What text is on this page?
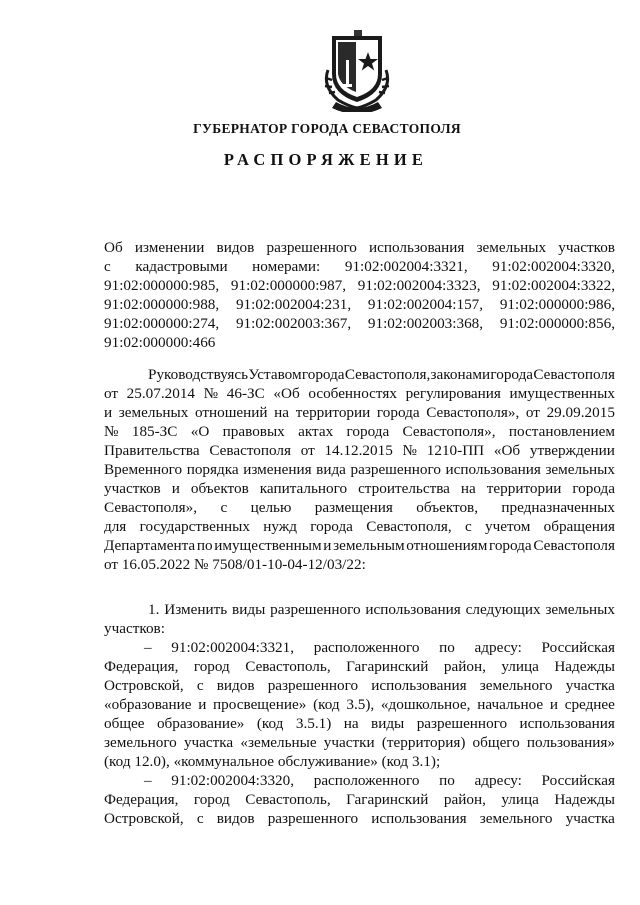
ГУБЕРНАТОР ГОРОДА СЕВАСТОПОЛЯ
РАСПОРЯЖЕНИЕ
Об изменении видов разрешенного использования земельных участков
с кадастровыми номерами: 91:02:002004:3321, 91:02:002004:3320,
91:02:000000:985, 91:02:000000:987, 91:02:002004:3323, 91:02:002004:3322,
91:02:000000:988, 91:02:002004:231, 91:02:002004:157, 91:02:000000:986,
91:02:000000:274, 91:02:002003:367, 91:02:002003:368, 91:02:000000:856,
91:02:000000:466
Руководствуясь Уставом города Севастополя, законами города Севастополя
от 25.07.2014 № 46-ЗС «Об особенностях регулирования имущественных
и земельных отношений на территории города Севастополя», от 29.09.2015
№ 185-ЗС «О правовых актах города Севастополя», постановлением
Правительства Севастополя от 14.12.2015 № 1210-ПП «Об утверждении
Временного порядка изменения вида разрешенного использования земельных
участков и объектов капитального строительства на территории города
Севастополя», с целью размещения объектов, предназначенных
для государственных нужд города Севастополя, с учетом обращения
Департамента по имущественным и земельным отношениям города Севастополя
от 16.05.2022 № 7508/01-10-04-12/03/22:
1. Изменить виды разрешенного использования следующих земельных
участков:
– 91:02:002004:3321, расположенного по адресу: Российская
Федерация, город Севастополь, Гагаринский район, улица Надежды
Островской, с видов разрешенного использования земельного участка
«образование и просвещение» (код 3.5), «дошкольное, начальное и среднее
общее образование» (код 3.5.1) на виды разрешенного использования
земельного участка «земельные участки (территория) общего пользования»
(код 12.0), «коммунальное обслуживание» (код 3.1);
– 91:02:002004:3320, расположенного по адресу: Российская
Федерация, город Севастополь, Гагаринский район, улица Надежды
Островской, с видов разрешенного использования земельного участка
